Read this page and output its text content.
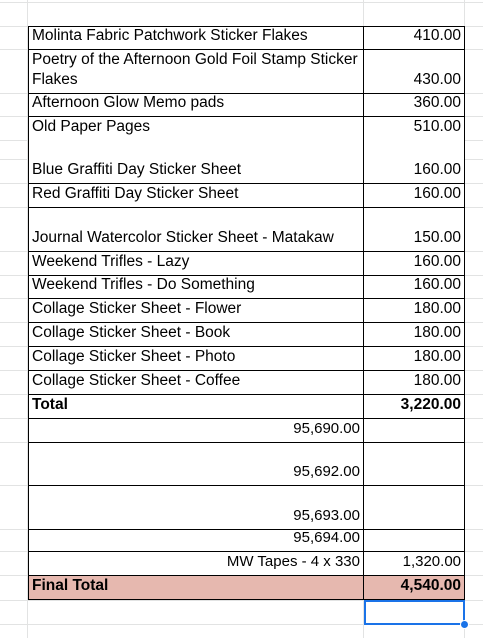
Molinta Fabric Patchwork Sticker Flakes	410.00
Poetry of the Afternoon Gold Foil Stamp Sticker Flakes	430.00
Afternoon Glow Memo pads	360.00
Old Paper Pages	510.00
Blue Graffiti Day Sticker Sheet	160.00
Red Graffiti Day Sticker Sheet	160.00
Journal Watercolor Sticker Sheet - Matakaw	150.00
Weekend Trifles - Lazy	160.00
Weekend Trifles - Do Something	160.00
Collage Sticker Sheet - Flower	180.00
Collage Sticker Sheet - Book	180.00
Collage Sticker Sheet - Photo	180.00
Collage Sticker Sheet - Coffee	180.00
Total	3,220.00
95,690.00
95,692.00
95,693.00
95,694.00
MW Tapes - 4 x 330	1,320.00
Final Total	4,540.00
